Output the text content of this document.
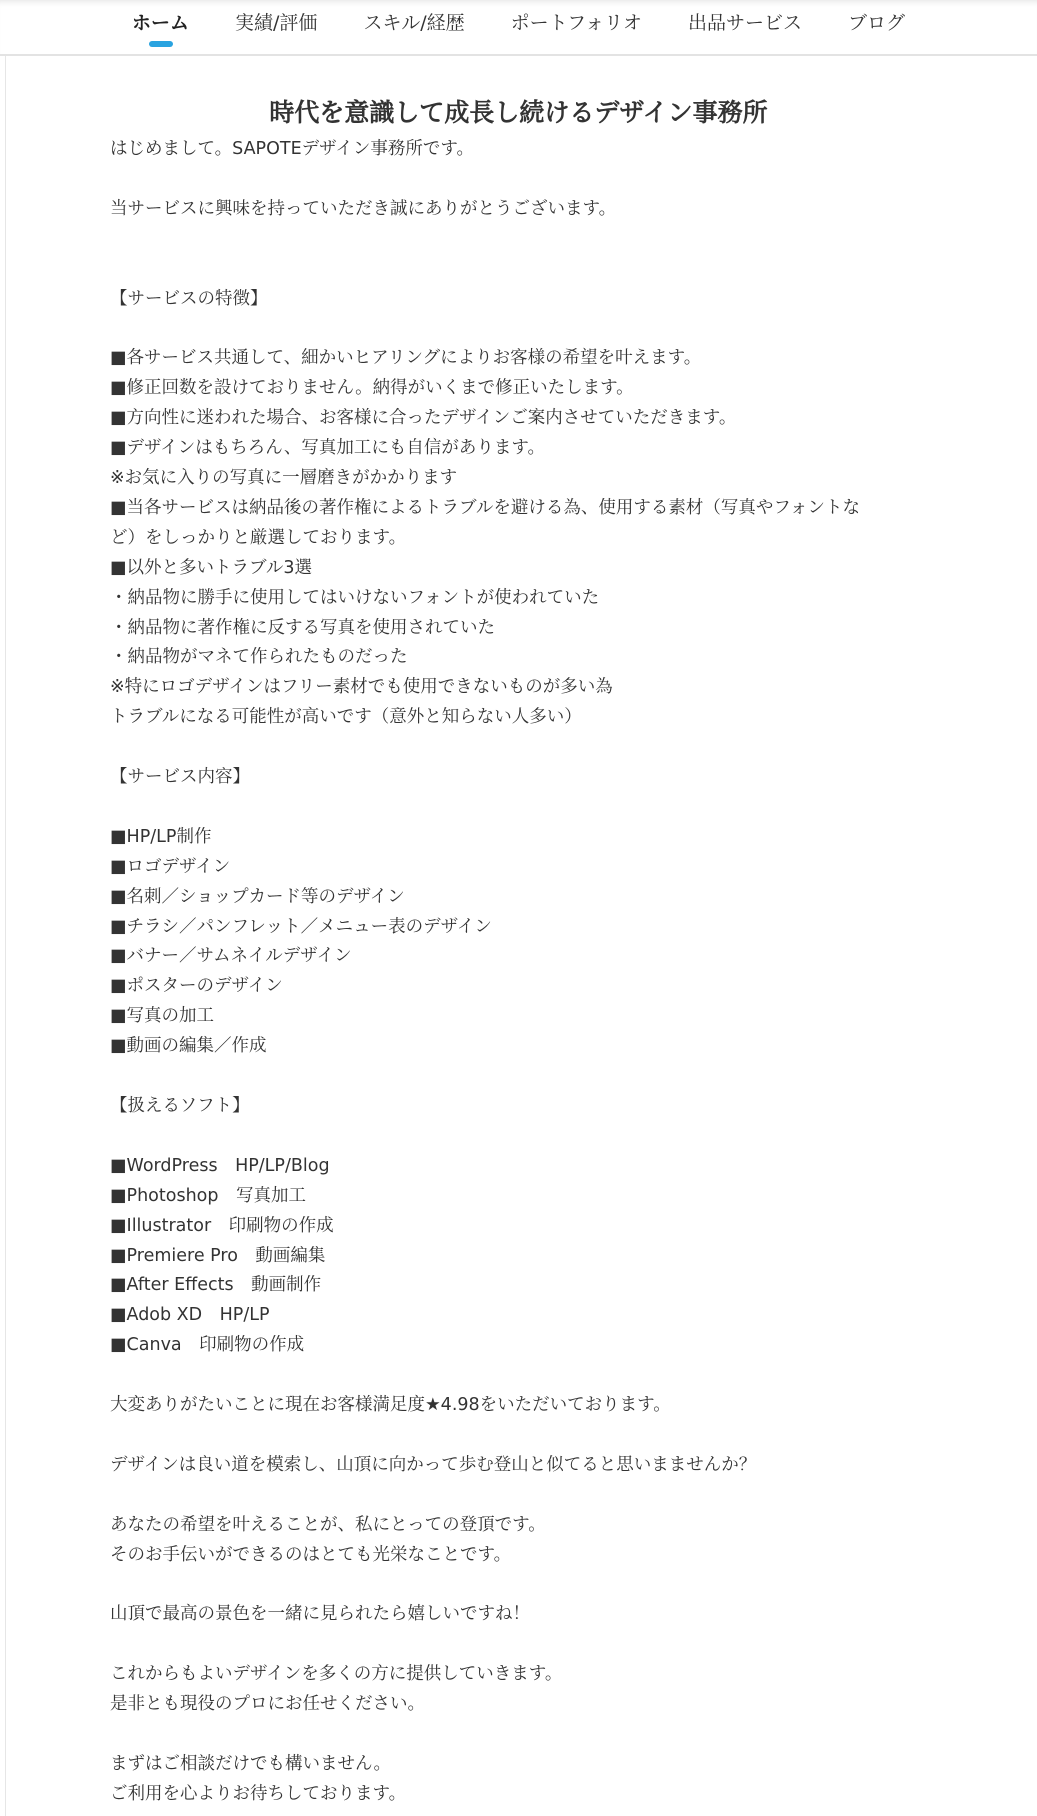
ホーム	実績/評価	スキル/経歴	ポートフォリオ	出品サービス	ブログ
時代を意識して成長し続けるデザイン事務所
はじめまして。SAPOTEデザイン事務所です。
当サービスに興味を持っていただき誠にありがとうございます。
【サービスの特徴】
■各サービス共通して、細かいヒアリングによりお客様の希望を叶えます。
■修正回数を設けておりません。納得がいくまで修正いたします。
■方向性に迷われた場合、お客様に合ったデザインご案内させていただきます。
■デザインはもちろん、写真加工にも自信があります。
※お気に入りの写真に一層磨きがかかります
■当各サービスは納品後の著作権によるトラブルを避ける為、使用する素材（写真やフォントな
ど）をしっかりと厳選しております。
■以外と多いトラブル3選
・納品物に勝手に使用してはいけないフォントが使われていた
・納品物に著作権に反する写真を使用されていた
・納品物がマネて作られたものだった
※特にロゴデザインはフリー素材でも使用できないものが多い為
トラブルになる可能性が高いです（意外と知らない人多い）
【サービス内容】
■HP/LP制作
■ロゴデザイン
■名刺／ショップカード等のデザイン
■チラシ／パンフレット／メニュー表のデザイン
■バナー／サムネイルデザイン
■ポスターのデザイン
■写真の加工
■動画の編集／作成
【扱えるソフト】
■WordPress　HP/LP/Blog
■Photoshop　写真加工
■Illustrator　印刷物の作成
■Premiere Pro　動画編集
■After Effects　動画制作
■Adob XD　HP/LP
■Canva　印刷物の作成
大変ありがたいことに現在お客様満足度★4.98をいただいております。
デザインは良い道を模索し、山頂に向かって歩む登山と似てると思いまませんか？
あなたの希望を叶えることが、私にとっての登頂です。
そのお手伝いができるのはとても光栄なことです。
山頂で最高の景色を一緒に見られたら嬉しいですね！
これからもよいデザインを多くの方に提供していきます。
是非とも現役のプロにお任せください。
まずはご相談だけでも構いません。
ご利用を心よりお待ちしております。
